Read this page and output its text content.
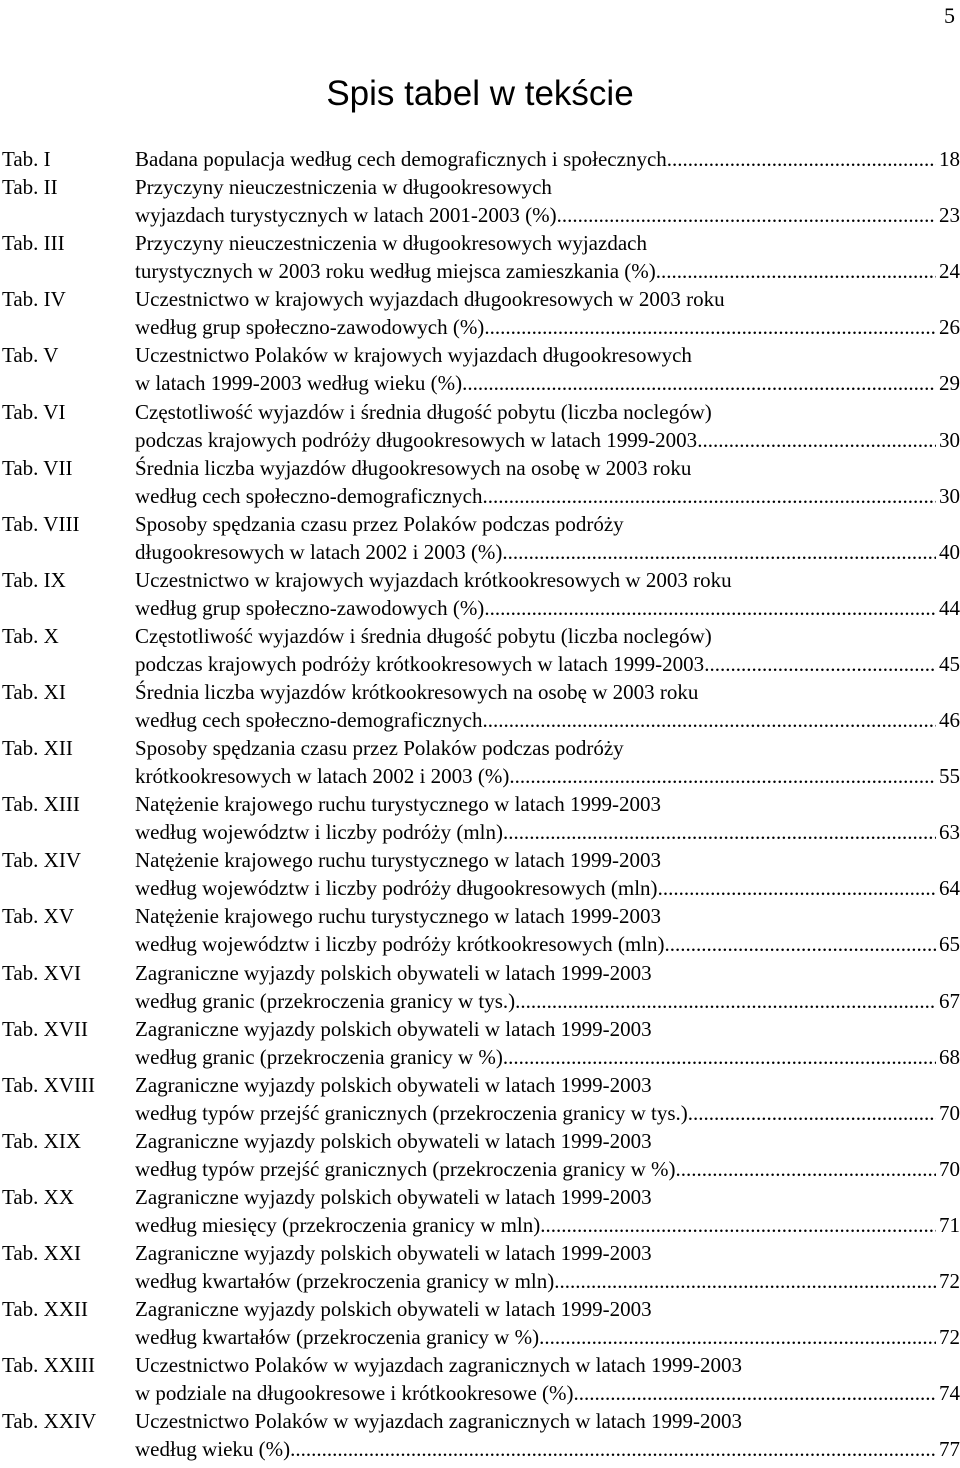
5
Spis tabel w tekście
Tab. I	Badana populacja według cech demograficznych i społecznych .....	18
Tab. II	Przyczyny nieuczestniczenia w długookresowych
wyjazdach turystycznych w latach 2001-2003 (%) .....	23
Tab. III	Przyczyny nieuczestniczenia w długookresowych wyjazdach
turystycznych w 2003 roku według miejsca zamieszkania (%) .....	24
Tab. IV	Uczestnictwo w krajowych wyjazdach długookresowych w 2003 roku
według grup społeczno-zawodowych (%) .....	26
Tab. V	Uczestnictwo Polaków w krajowych wyjazdach długookresowych
w latach 1999-2003 według wieku (%) .....	29
Tab. VI	Częstotliwość wyjazdów i średnia długość pobytu (liczba noclegów)
podczas krajowych podróży długookresowych w latach 1999-2003 .....	30
Tab. VII	Średnia liczba wyjazdów długookresowych na osobę w 2003 roku
według cech społeczno-demograficznych .....	30
Tab. VIII	Sposoby spędzania czasu przez Polaków podczas podróży
długookresowych w latach 2002 i 2003 (%) .....	40
Tab. IX	Uczestnictwo w krajowych wyjazdach krótkookresowych w 2003 roku
według grup społeczno-zawodowych (%) .....	44
Tab. X	Częstotliwość wyjazdów i średnia długość pobytu (liczba noclegów)
podczas krajowych podróży krótkookresowych w latach 1999-2003 .....	45
Tab. XI	Średnia liczba wyjazdów krótkookresowych na osobę w 2003 roku
według cech społeczno-demograficznych .....	46
Tab. XII	Sposoby spędzania czasu przez Polaków podczas podróży
krótkookresowych w latach 2002 i 2003 (%) .....	55
Tab. XIII	Natężenie krajowego ruchu turystycznego w latach 1999-2003
według województw i liczby podróży (mln) .....	63
Tab. XIV	Natężenie krajowego ruchu turystycznego w latach 1999-2003
według województw i liczby podróży długookresowych (mln) .....	64
Tab. XV	Natężenie krajowego ruchu turystycznego w latach 1999-2003
według województw i liczby podróży krótkookresowych (mln) .....	65
Tab. XVI	Zagraniczne wyjazdy polskich obywateli w latach 1999-2003
według granic (przekroczenia granicy w tys.) .....	67
Tab. XVII Zagraniczne wyjazdy polskich obywateli w latach 1999-2003
według granic (przekroczenia granicy w %) .....	68
Tab. XVIII Zagraniczne wyjazdy polskich obywateli w latach 1999-2003
według typów przejść granicznych (przekroczenia granicy w tys.) .....	70
Tab. XIX	Zagraniczne wyjazdy polskich obywateli w latach 1999-2003
według typów przejść granicznych (przekroczenia granicy w %) .....	70
Tab. XX	Zagraniczne wyjazdy polskich obywateli w latach 1999-2003
według miesięcy (przekroczenia granicy w mln) .....	71
Tab. XXI	Zagraniczne wyjazdy polskich obywateli w latach 1999-2003
według kwartałów (przekroczenia granicy w mln) .....	72
Tab. XXII Zagraniczne wyjazdy polskich obywateli w latach 1999-2003
według kwartałów (przekroczenia granicy w %) .....	72
Tab. XXIII Uczestnictwo Polaków w wyjazdach zagranicznych w latach 1999-2003
w podziale na długookresowe i krótkookresowe (%) .....	74
Tab. XXIV Uczestnictwo Polaków w wyjazdach zagranicznych w latach 1999-2003
według wieku (%) .....	77
